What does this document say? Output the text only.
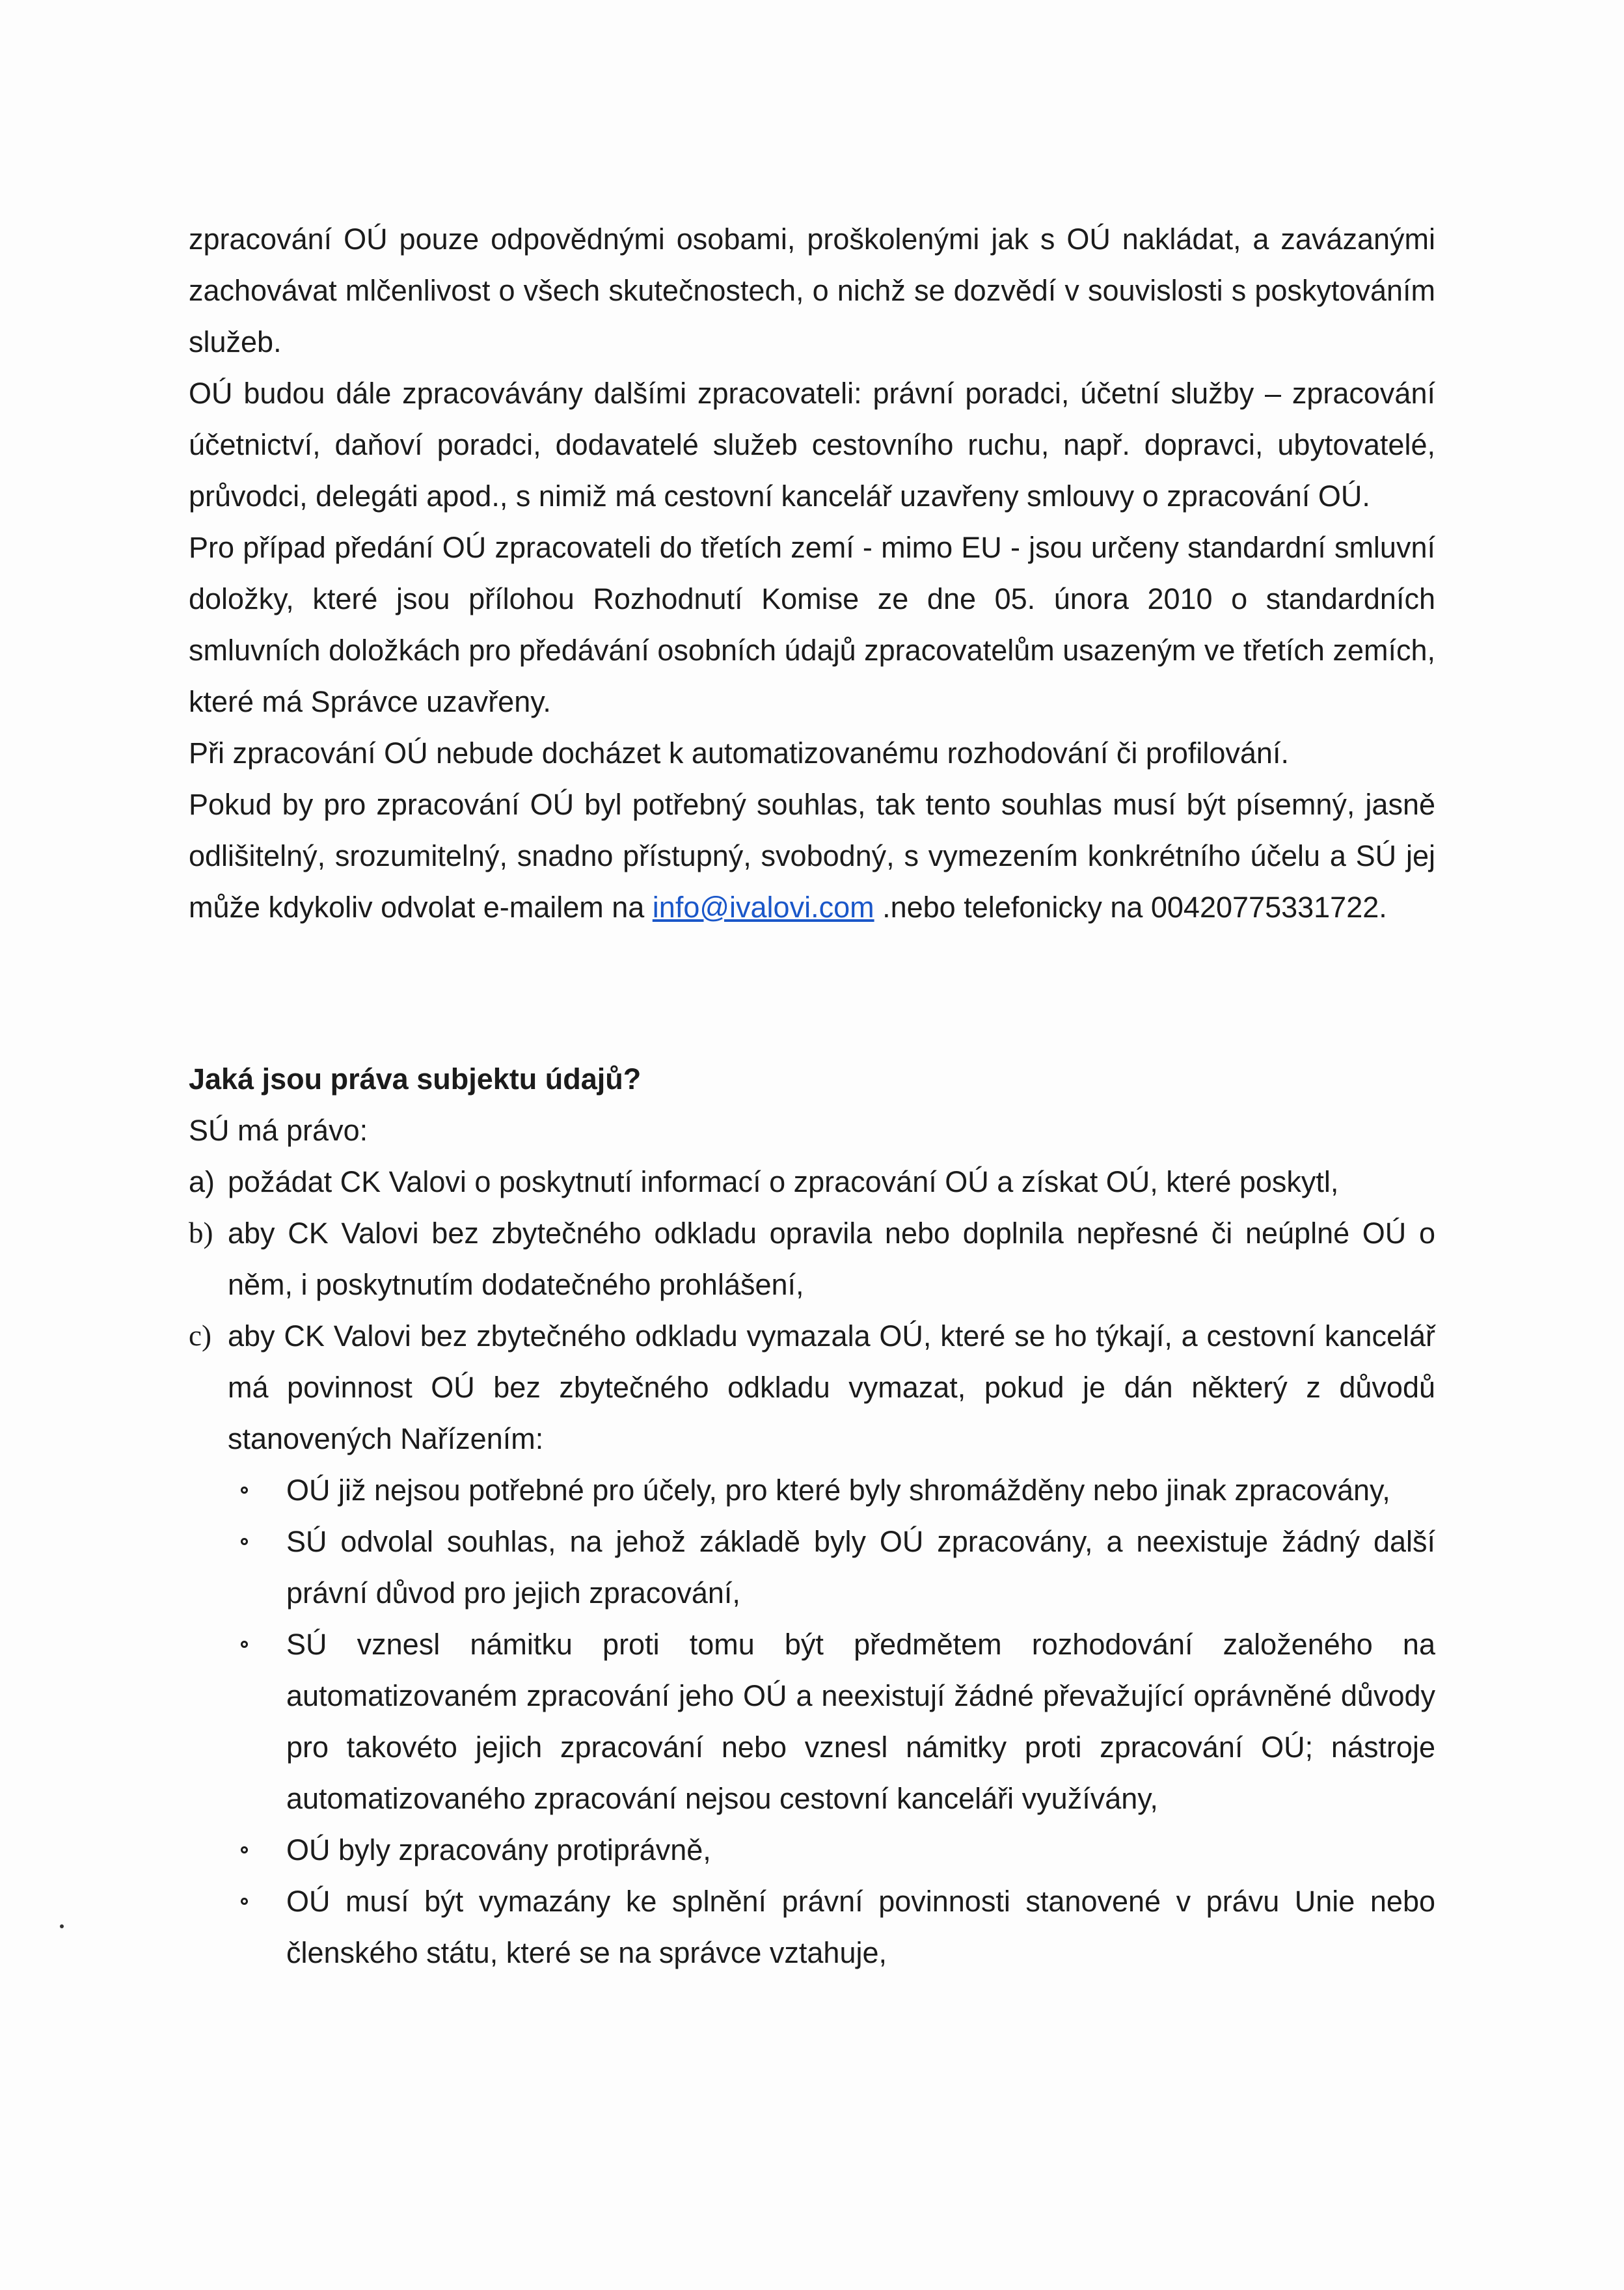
zpracování OÚ pouze odpovědnými osobami, proškolenými jak s OÚ nakládat, a zavázanými zachovávat mlčenlivost o všech skutečnostech, o nichž se dozvědí v souvislosti s poskytováním služeb.

OÚ budou dále zpracovávány dalšími zpracovateli: právní poradci, účetní služby – zpracování účetnictví, daňoví poradci, dodavatelé služeb cestovního ruchu, např. dopravci, ubytovatelé, průvodci, delegáti apod., s nimiž má cestovní kancelář uzavřeny smlouvy o zpracování OÚ.

Pro případ předání OÚ zpracovateli do třetích zemí - mimo EU - jsou určeny standardní smluvní doložky, které jsou přílohou Rozhodnutí Komise ze dne 05. února 2010 o standardních smluvních doložkách pro předávání osobních údajů zpracovatelům usazeným ve třetích zemích, které má Správce uzavřeny.

Při zpracování OÚ nebude docházet k automatizovanému rozhodování či profilování.

Pokud by pro zpracování OÚ byl potřebný souhlas, tak tento souhlas musí být písemný, jasně odlišitelný, srozumitelný, snadno přístupný, svobodný, s vymezením konkrétního účelu a SÚ jej může kdykoliv odvolat e-mailem na info@ivalovi.com .nebo telefonicky na 00420775331722.

Jaká jsou práva subjektu údajů?

SÚ má právo:

a) požádat CK Valovi o poskytnutí informací o zpracování OÚ a získat OÚ, které poskytl,
b) aby CK Valovi bez zbytečného odkladu opravila nebo doplnila nepřesné či neúplné OÚ o něm, i poskytnutím dodatečného prohlášení,
c) aby CK Valovi bez zbytečného odkladu vymazala OÚ, které se ho týkají, a cestovní kancelář má povinnost OÚ bez zbytečného odkladu vymazat, pokud je dán některý z důvodů stanovených Nařízením:
OÚ již nejsou potřebné pro účely, pro které byly shromážděny nebo jinak zpracovány,
SÚ odvolal souhlas, na jehož základě byly OÚ zpracovány, a neexistuje žádný další právní důvod pro jejich zpracování,
SÚ vznesl námitku proti tomu být předmětem rozhodování založeného na automatizovaném zpracování jeho OÚ a neexistují žádné převažující oprávněné důvody pro takovéto jejich zpracování nebo vznesl námitky proti zpracování OÚ; nástroje automatizovaného zpracování nejsou cestovní kanceláři využívány,
OÚ byly zpracovány protiprávně,
OÚ musí být vymazány ke splnění právní povinnosti stanovené v právu Unie nebo členského státu, které se na správce vztahuje,
